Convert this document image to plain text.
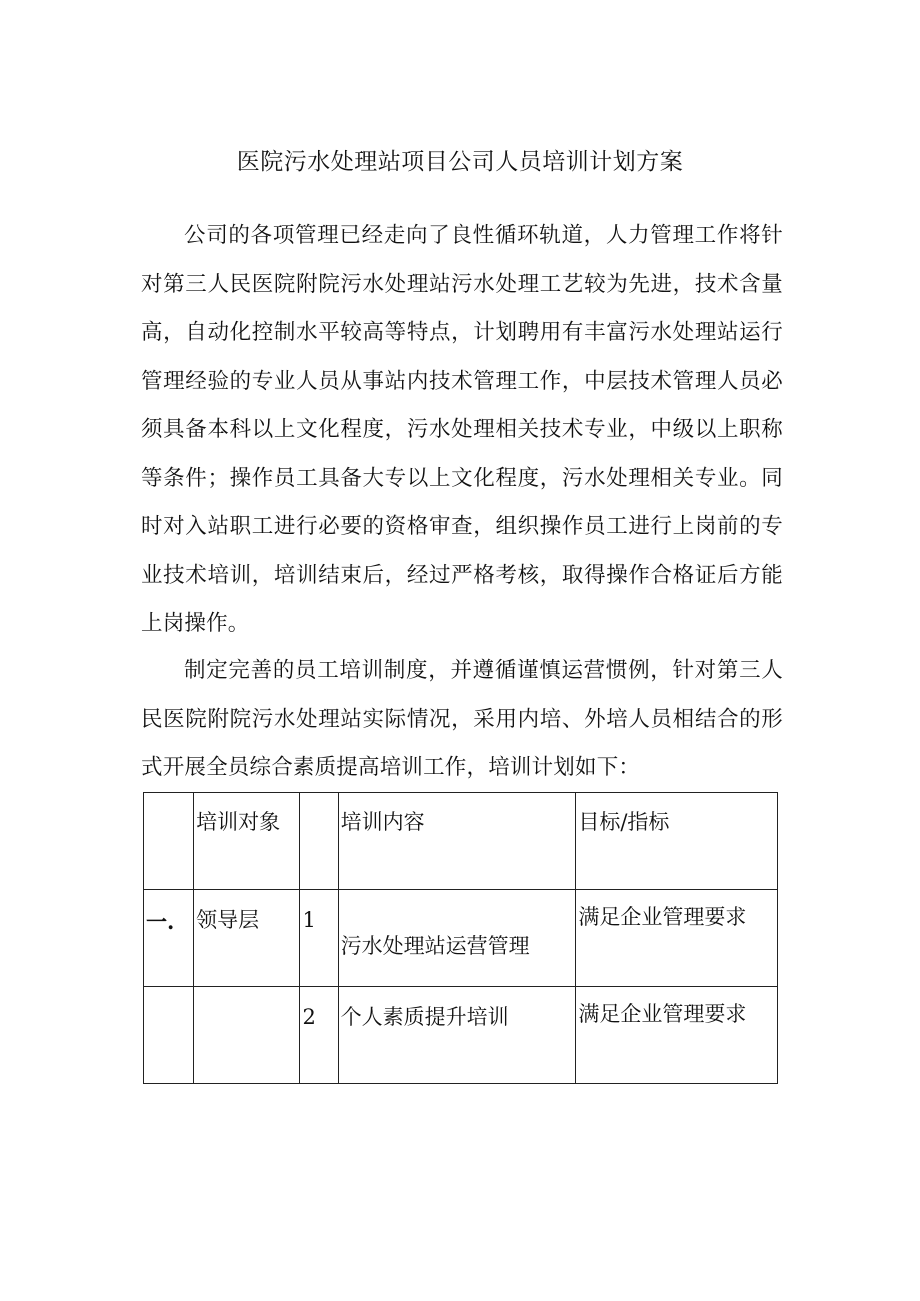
医院污水处理站项目公司人员培训计划方案

公司的各项管理已经走向了良性循环轨道，人力管理工作将针对第三人民医院附院污水处理站污水处理工艺较为先进，技术含量高，自动化控制水平较高等特点，计划聘用有丰富污水处理站运行管理经验的专业人员从事站内技术管理工作，中层技术管理人员必须具备本科以上文化程度，污水处理相关技术专业，中级以上职称等条件；操作员工具备大专以上文化程度，污水处理相关专业。同时对入站职工进行必要的资格审查，组织操作员工进行上岗前的专业技术培训，培训结束后，经过严格考核，取得操作合格证后方能上岗操作。

制定完善的员工培训制度，并遵循谨慎运营惯例，针对第三人民医院附院污水处理站实际情况，采用内培、外培人员相结合的形式开展全员综合素质提高培训工作，培训计划如下：

	培训对象		培训内容	目标/指标

一.	领导层	1	污水处理站运营管理	满足企业管理要求

		2	个人素质提升培训	满足企业管理要求
